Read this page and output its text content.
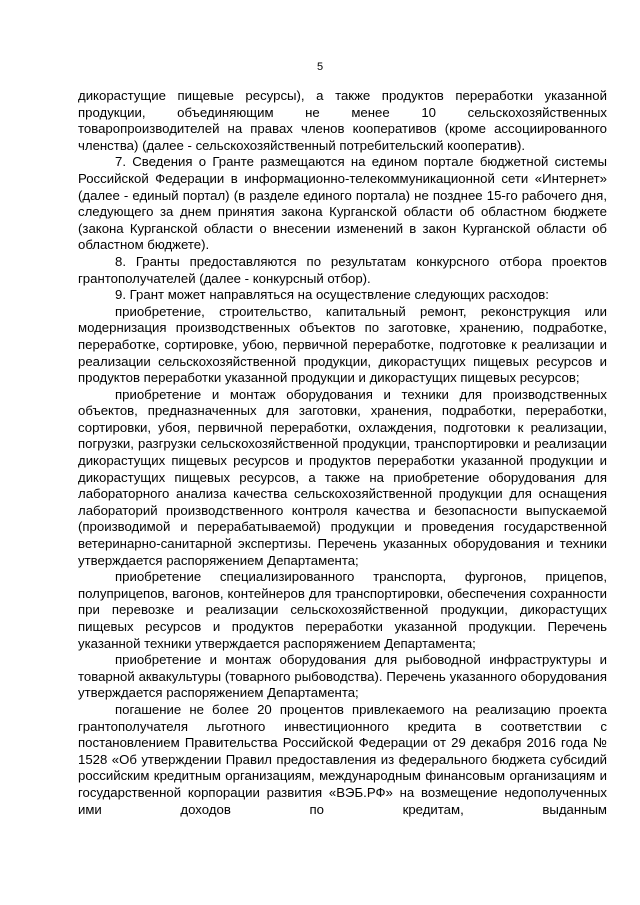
5

дикорастущие пищевые ресурсы), а также продуктов переработки указанной продукции, объединяющим не менее 10 сельскохозяйственных товаропроизводителей на правах членов кооперативов (кроме ассоциированного членства) (далее - сельскохозяйственный потребительский кооператив).

7. Сведения о Гранте размещаются на едином портале бюджетной системы Российской Федерации в информационно-телекоммуникационной сети «Интернет» (далее - единый портал) (в разделе единого портала) не позднее 15-го рабочего дня, следующего за днем принятия закона Курганской области об областном бюджете (закона Курганской области о внесении изменений в закон Курганской области об областном бюджете).

8. Гранты предоставляются по результатам конкурсного отбора проектов грантополучателей (далее - конкурсный отбор).

9. Грант может направляться на осуществление следующих расходов:

приобретение, строительство, капитальный ремонт, реконструкция или модернизация производственных объектов по заготовке, хранению, подработке, переработке, сортировке, убою, первичной переработке, подготовке к реализации и реализации сельскохозяйственной продукции, дикорастущих пищевых ресурсов и продуктов переработки указанной продукции и дикорастущих пищевых ресурсов;

приобретение и монтаж оборудования и техники для производственных объектов, предназначенных для заготовки, хранения, подработки, переработки, сортировки, убоя, первичной переработки, охлаждения, подготовки к реализации, погрузки, разгрузки сельскохозяйственной продукции, транспортировки и реализации дикорастущих пищевых ресурсов и продуктов переработки указанной продукции и дикорастущих пищевых ресурсов, а также на приобретение оборудования для лабораторного анализа качества сельскохозяйственной продукции для оснащения лабораторий производственного контроля качества и безопасности выпускаемой (производимой и перерабатываемой) продукции и проведения государственной ветеринарно-санитарной экспертизы. Перечень указанных оборудования и техники утверждается распоряжением Департамента;

приобретение специализированного транспорта, фургонов, прицепов, полуприцепов, вагонов, контейнеров для транспортировки, обеспечения сохранности при перевозке и реализации сельскохозяйственной продукции, дикорастущих пищевых ресурсов и продуктов переработки указанной продукции. Перечень указанной техники утверждается распоряжением Департамента;

приобретение и монтаж оборудования для рыбоводной инфраструктуры и товарной аквакультуры (товарного рыбоводства). Перечень указанного оборудования утверждается распоряжением Департамента;

погашение не более 20 процентов привлекаемого на реализацию проекта грантополучателя льготного инвестиционного кредита в соответствии с постановлением Правительства Российской Федерации от 29 декабря 2016 года № 1528 «Об утверждении Правил предоставления из федерального бюджета субсидий российским кредитным организациям, международным финансовым организациям и государственной корпорации развития «ВЭБ.РФ» на возмещение недополученных ими доходов по кредитам, выданным
